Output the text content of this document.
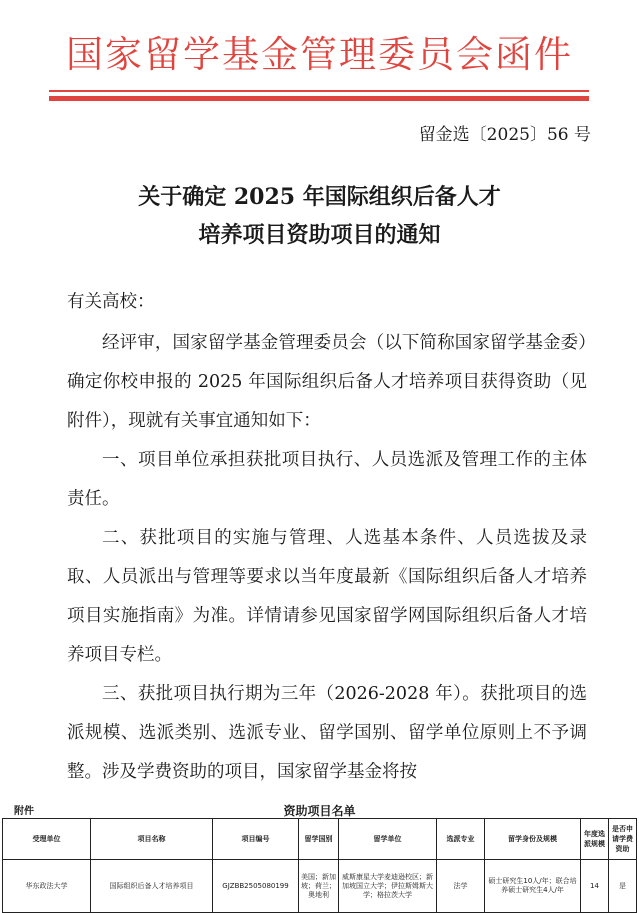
国家留学基金管理委员会函件
留金选〔2025〕56 号
关于确定 2025 年国际组织后备人才
培养项目资助项目的通知
有关高校：

经评审，国家留学基金管理委员会（以下简称国家留学基金委）确定你校申报的 2025 年国际组织后备人才培养项目获得资助（见附件），现就有关事宜通知如下：

一、项目单位承担获批项目执行、人员选派及管理工作的主体责任。

二、获批项目的实施与管理、人选基本条件、人员选拔及录取、人员派出与管理等要求以当年度最新《国际组织后备人才培养项目实施指南》为准。详情请参见国家留学网国际组织后备人才培养项目专栏。

三、获批项目执行期为三年（2026-2028 年）。获批项目的选派规模、选派类别、选派专业、留学国别、留学单位原则上不予调整。涉及学费资助的项目，国家留学基金将按

附件	资助项目名单
受理单位	项目名称	项目编号	留学国别	留学单位	选派专业	留学身份及规模	年度选派规模	是否申请学费资助
华东政法大学	国际组织后备人才培养项目	GJZBB2505080199	美国；新加坡；荷兰；奥地利	威斯康星大学麦迪逊校区；新加坡国立大学；伊拉斯姆斯大学；格拉茨大学	法学	硕士研究生10人/年；联合培养硕士研究生4人/年	14	是
